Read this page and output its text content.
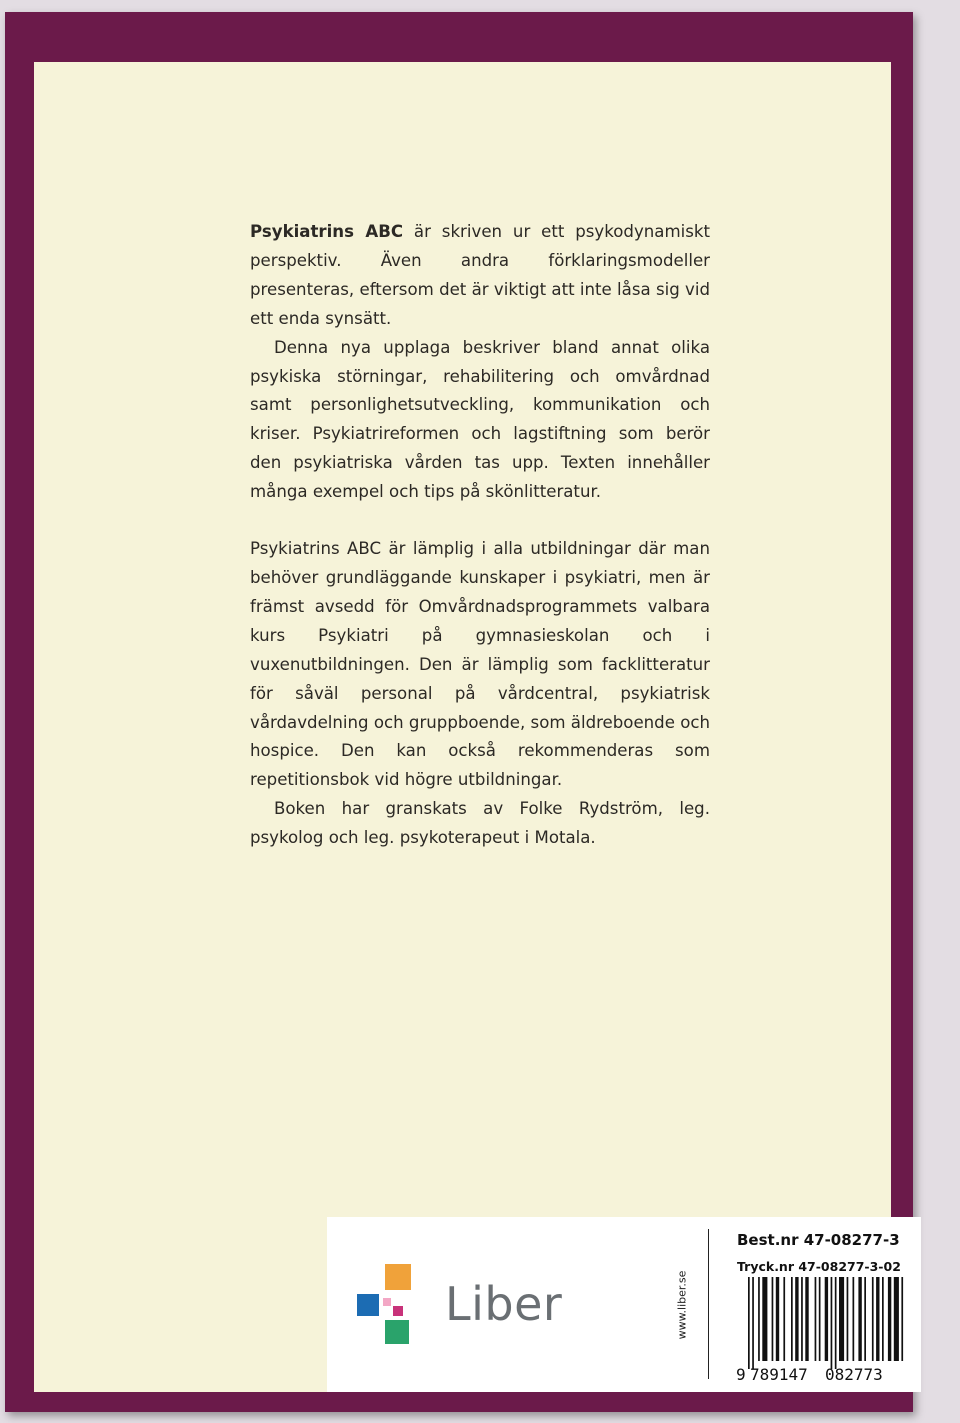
Psykiatrins ABC är skriven ur ett psykodynamiskt perspektiv. Även andra förklaringsmodeller presenteras, eftersom det är viktigt att inte låsa sig vid ett enda synsätt.

Denna nya upplaga beskriver bland annat olika psykiska störningar, rehabilitering och omvårdnad samt personlighetsutveckling, kommunikation och kriser. Psykiatrireformen och lagstiftning som berör den psykiatriska vården tas upp. Texten innehåller många exempel och tips på skönlitteratur.

Psykiatrins ABC är lämplig i alla utbildningar där man behöver grundläggande kunskaper i psykiatri, men är främst avsedd för Omvårdnadsprogrammets valbara kurs Psykiatri på gymnasieskolan och i vuxenutbildningen. Den är lämplig som facklitteratur för såväl personal på vårdcentral, psykiatrisk vårdavdelning och gruppboende, som äldreboende och hospice. Den kan också rekommenderas som repetitionsbok vid högre utbildningar.

Boken har granskats av Folke Rydström, leg. psykolog och leg. psykoterapeut i Motala.

Liber	www.liber.se
Best.nr 47-08277-3
Tryck.nr 47-08277-3-02
9 789147 082773
